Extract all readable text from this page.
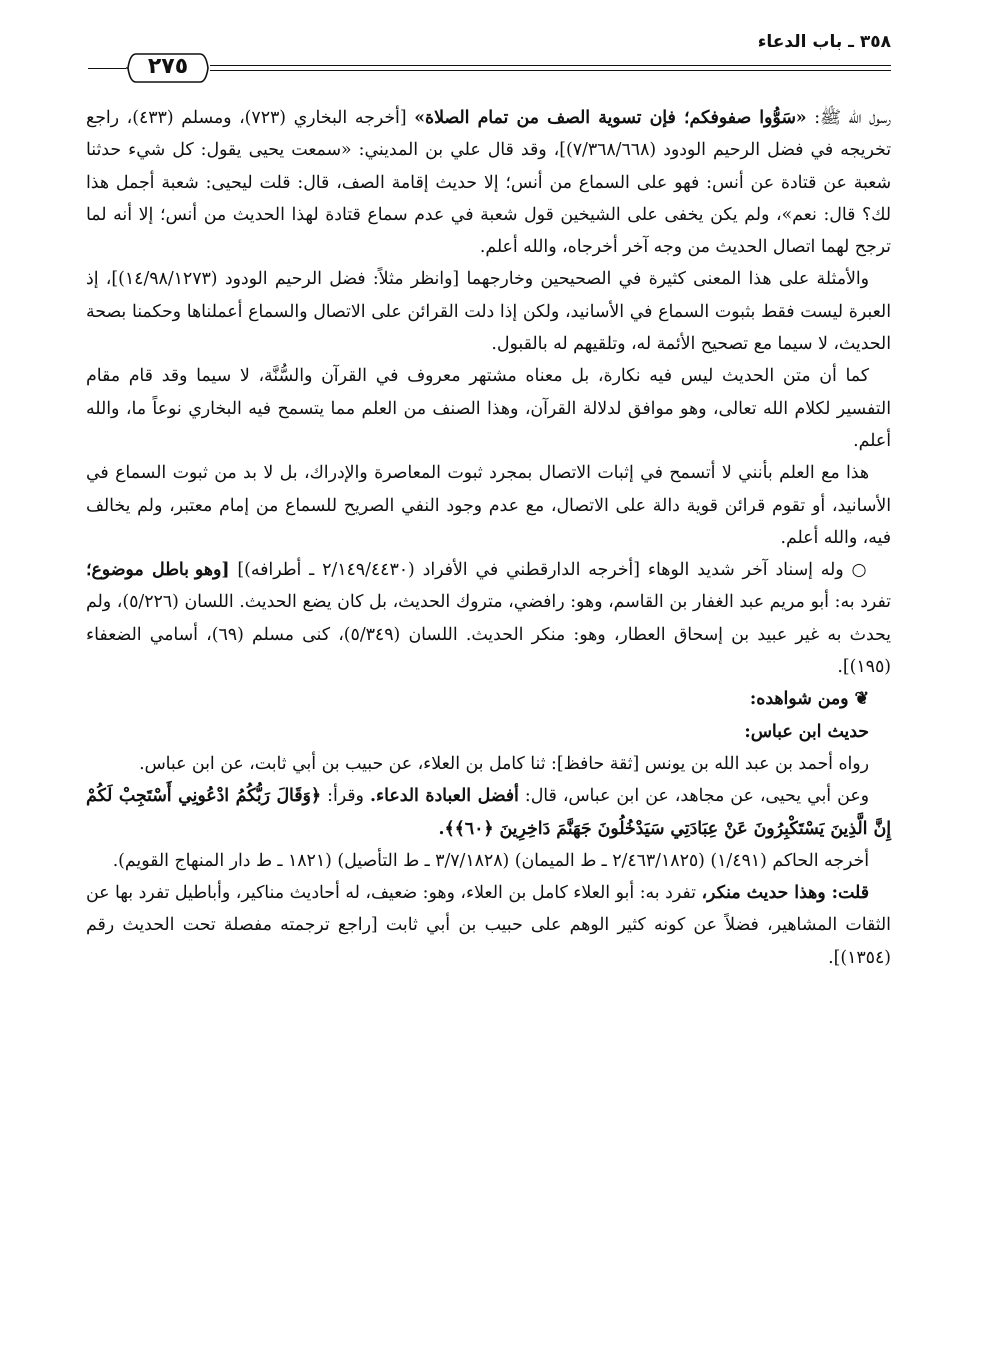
٣٥٨ ـ باب الدعاء
٢٧٥

رسول الله ﷺ: «سَوُّوا صفوفكم؛ فإن تسوية الصف من تمام الصلاة» [أخرجه البخاري (٧٢٣)، ومسلم (٤٣٣)، راجع تخريجه في فضل الرحيم الودود (٧/٣٦٨/٦٦٨)]، وقد قال علي بن المديني: «سمعت يحيى يقول: كل شيء حدثنا شعبة عن قتادة عن أنس: فهو على السماع من أنس؛ إلا حديث إقامة الصف، قال: قلت ليحيى: شعبة أجمل هذا لك؟ قال: نعم»، ولم يكن يخفى على الشيخين قول شعبة في عدم سماع قتادة لهذا الحديث من أنس؛ إلا أنه لما ترجح لهما اتصال الحديث من وجه آخر أخرجاه، والله أعلم.

والأمثلة على هذا المعنى كثيرة في الصحيحين وخارجهما [وانظر مثلاً: فضل الرحيم الودود (١٤/٩٨/١٢٧٣)]، إذ العبرة ليست فقط بثبوت السماع في الأسانيد، ولكن إذا دلت القرائن على الاتصال والسماع أعملناها وحكمنا بصحة الحديث، لا سيما مع تصحيح الأئمة له، وتلقيهم له بالقبول.

كما أن متن الحديث ليس فيه نكارة، بل معناه مشتهر معروف في القرآن والسُّنَّة، لا سيما وقد قام مقام التفسير لكلام الله تعالى، وهو موافق لدلالة القرآن، وهذا الصنف من العلم مما يتسمح فيه البخاري نوعاً ما، والله أعلم.

هذا مع العلم بأنني لا أتسمح في إثبات الاتصال بمجرد ثبوت المعاصرة والإدراك، بل لا بد من ثبوت السماع في الأسانيد، أو تقوم قرائن قوية دالة على الاتصال، مع عدم وجود النفي الصريح للسماع من إمام معتبر، ولم يخالف فيه، والله أعلم.

○ وله إسناد آخر شديد الوهاء [أخرجه الدارقطني في الأفراد (٢/١٤٩/٤٤٣٠ ـ أطرافه)] [وهو باطل موضوع؛ تفرد به: أبو مريم عبد الغفار بن القاسم، وهو: رافضي، متروك الحديث، بل كان يضع الحديث. اللسان (٥/٢٢٦)، ولم يحدث به غير عبيد بن إسحاق العطار، وهو: منكر الحديث. اللسان (٥/٣٤٩)، كنى مسلم (٦٩)، أسامي الضعفاء (١٩٥)].

❦ ومن شواهده:

حديث ابن عباس:

رواه أحمد بن عبد الله بن يونس [ثقة حافظ]: ثنا كامل بن العلاء، عن حبيب بن أبي ثابت، عن ابن عباس.

وعن أبي يحيى، عن مجاهد، عن ابن عباس، قال: أفضل العبادة الدعاء. وقرأ: ﴿وَقَالَ رَبُّكُمُ ادْعُونِي أَسْتَجِبْ لَكُمْ إِنَّ الَّذِينَ يَسْتَكْبِرُونَ عَنْ عِبَادَتِي سَيَدْخُلُونَ جَهَنَّمَ دَاخِرِينَ ﴿٦٠﴾﴾.

أخرجه الحاكم (١/٤٩١) (٢/٤٦٣/١٨٢٥ ـ ط الميمان) (٣/٧/١٨٢٨ ـ ط التأصيل) (١٨٢١ ـ ط دار المنهاج القويم).

قلت: وهذا حديث منكر، تفرد به: أبو العلاء كامل بن العلاء، وهو: ضعيف، له أحاديث مناكير، وأباطيل تفرد بها عن الثقات المشاهير، فضلاً عن كونه كثير الوهم على حبيب بن أبي ثابت [راجع ترجمته مفصلة تحت الحديث رقم (١٣٥٤)].
